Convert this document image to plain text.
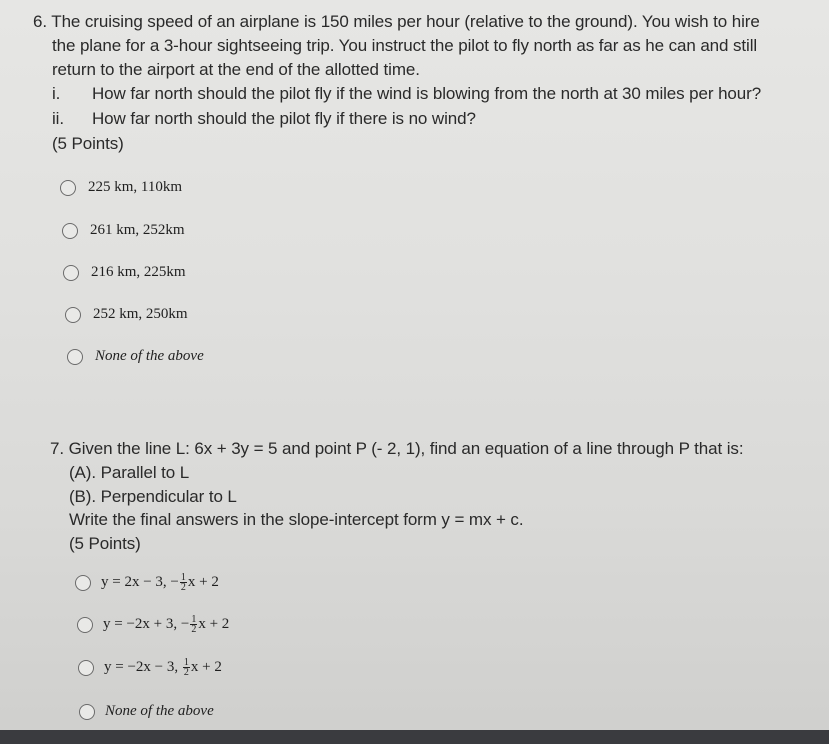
6. The cruising speed of an airplane is 150 miles per hour (relative to the ground). You wish to hire
the plane for a 3-hour sightseeing trip. You instruct the pilot to fly north as far as he can and still
return to the airport at the end of the allotted time.
i. How far north should the pilot fly if the wind is blowing from the north at 30 miles per hour?
ii. How far north should the pilot fly if there is no wind?
(5 Points)
225 km, 110km
261 km, 252km
216 km, 225km
252 km, 250km
None of the above
7. Given the line L: 6x + 3y = 5 and point P (- 2, 1), find an equation of a line through P that is:
(A). Parallel to L
(B). Perpendicular to L
Write the final answers in the slope-intercept form y = mx + c.
(5 Points)
y = 2x − 3, − $\frac{1}{2}$ x + 2
y = −2x + 3, − $\frac{1}{2}$ x + 2
y = −2x − 3, $\frac{1}{2}$ x + 2
None of the above
